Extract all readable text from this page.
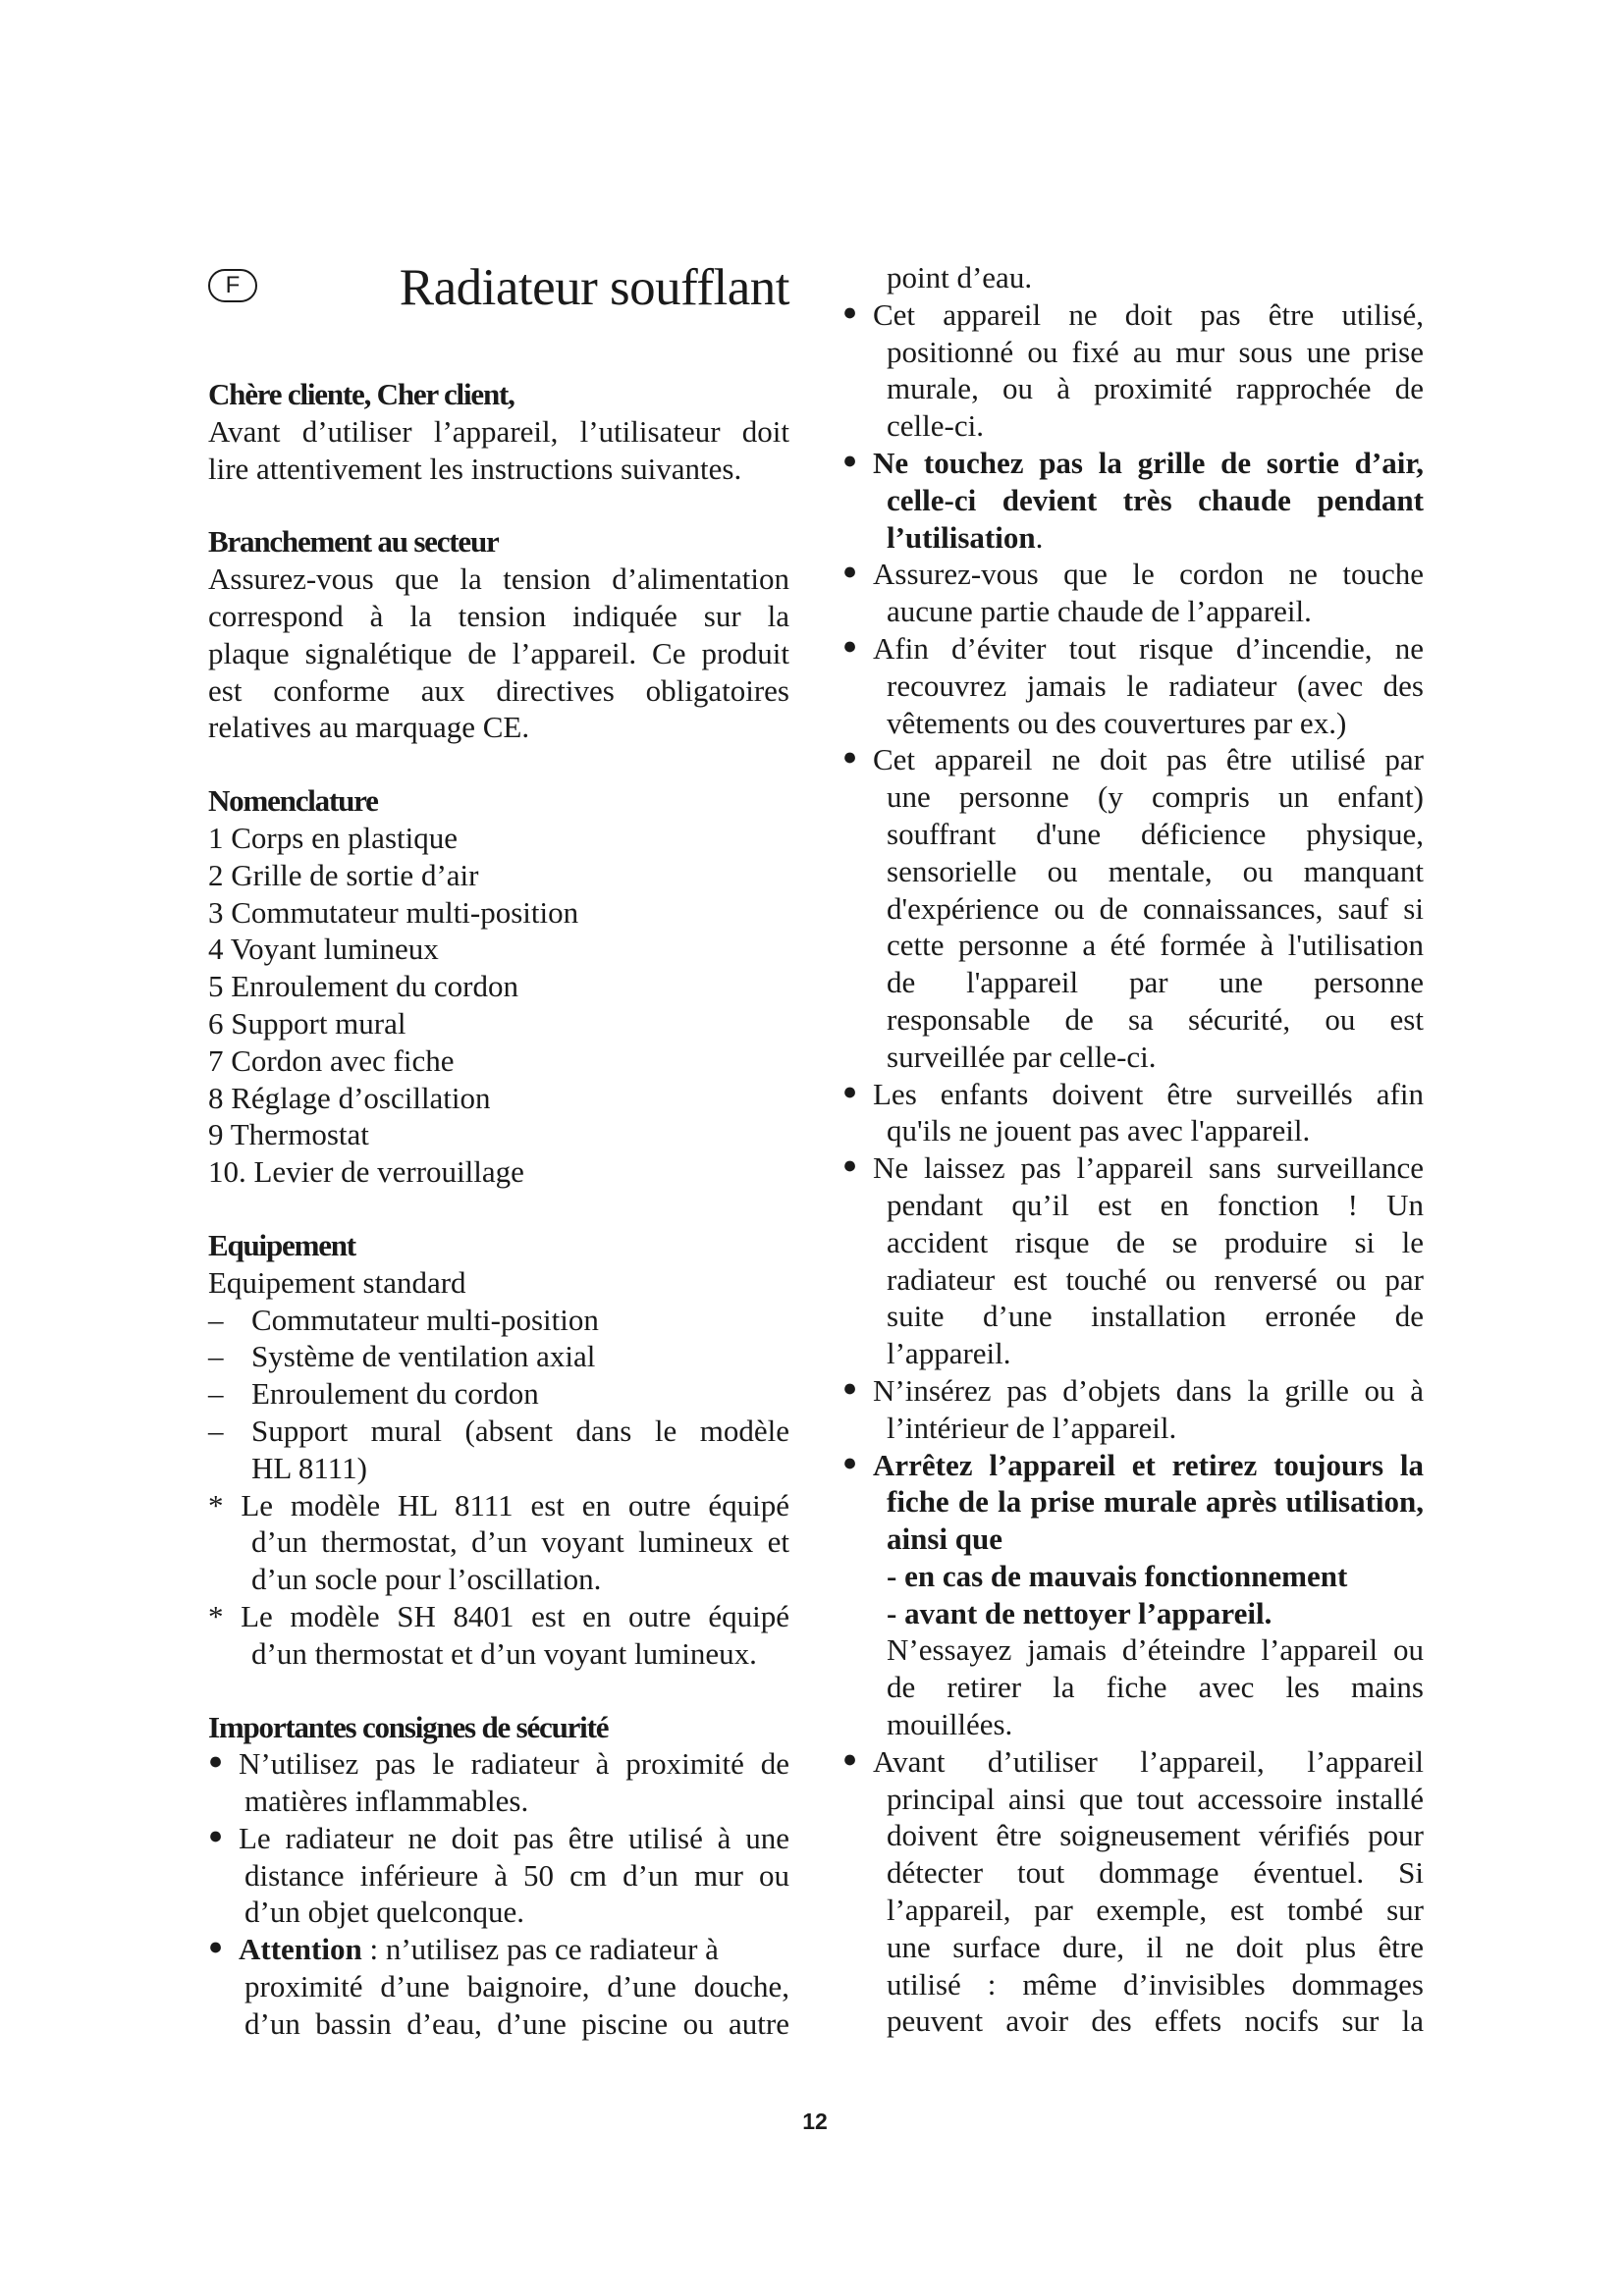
F	Radiateur soufflant
Chère cliente, Cher client,
Avant d’utiliser l’appareil, l’utilisateur doit
lire attentivement les instructions suivantes.
Branchement au secteur
Assurez-vous que la tension d’alimentation
correspond à la tension indiquée sur la
plaque signalétique de l’appareil. Ce produit
est conforme aux directives obligatoires
relatives au marquage CE.
Nomenclature
1 Corps en plastique
2 Grille de sortie d’air
3 Commutateur multi-position
4 Voyant lumineux
5 Enroulement du cordon
6 Support mural
7 Cordon avec fiche
8 Réglage d’oscillation
9 Thermostat
10. Levier de verrouillage
Equipement
Equipement standard
– Commutateur multi-position
– Système de ventilation axial
– Enroulement du cordon
– Support mural (absent dans le modèle
HL 8111)
* Le modèle HL 8111 est en outre équipé
d’un thermostat, d’un voyant lumineux et
d’un socle pour l’oscillation.
* Le modèle SH 8401 est en outre équipé
d’un thermostat et d’un voyant lumineux.
Importantes consignes de sécurité
● N’utilisez pas le radiateur à proximité de
matières inflammables.
● Le radiateur ne doit pas être utilisé à une
distance inférieure à 50 cm d’un mur ou
d’un objet quelconque.
● Attention : n’utilisez pas ce radiateur à
proximité d’une baignoire, d’une douche,
d’un bassin d’eau, d’une piscine ou autre
point d’eau.
● Cet appareil ne doit pas être utilisé,
positionné ou fixé au mur sous une prise
murale, ou à proximité rapprochée de
celle-ci.
● Ne touchez pas la grille de sortie d’air,
celle-ci devient très chaude pendant
l’utilisation.
● Assurez-vous que le cordon ne touche
aucune partie chaude de l’appareil.
● Afin d’éviter tout risque d’incendie, ne
recouvrez jamais le radiateur (avec des
vêtements ou des couvertures par ex.)
● Cet appareil ne doit pas être utilisé par
une personne (y compris un enfant)
souffrant d'une déficience physique,
sensorielle ou mentale, ou manquant
d'expérience ou de connaissances, sauf si
cette personne a été formée à l'utilisation
de l'appareil par une personne
responsable de sa sécurité, ou est
surveillée par celle-ci.
● Les enfants doivent être surveillés afin
qu'ils ne jouent pas avec l'appareil.
● Ne laissez pas l’appareil sans surveillance
pendant qu’il est en fonction ! Un
accident risque de se produire si le
radiateur est touché ou renversé ou par
suite d’une installation erronée de
l’appareil.
● N’insérez pas d’objets dans la grille ou à
l’intérieur de l’appareil.
● Arrêtez l’appareil et retirez toujours la
fiche de la prise murale après utilisation,
ainsi que
- en cas de mauvais fonctionnement
- avant de nettoyer l’appareil.
N’essayez jamais d’éteindre l’appareil ou
de retirer la fiche avec les mains
mouillées.
● Avant d’utiliser l’appareil, l’appareil
principal ainsi que tout accessoire installé
doivent être soigneusement vérifiés pour
détecter tout dommage éventuel. Si
l’appareil, par exemple, est tombé sur
une surface dure, il ne doit plus être
utilisé : même d’invisibles dommages
peuvent avoir des effets nocifs sur la
12
